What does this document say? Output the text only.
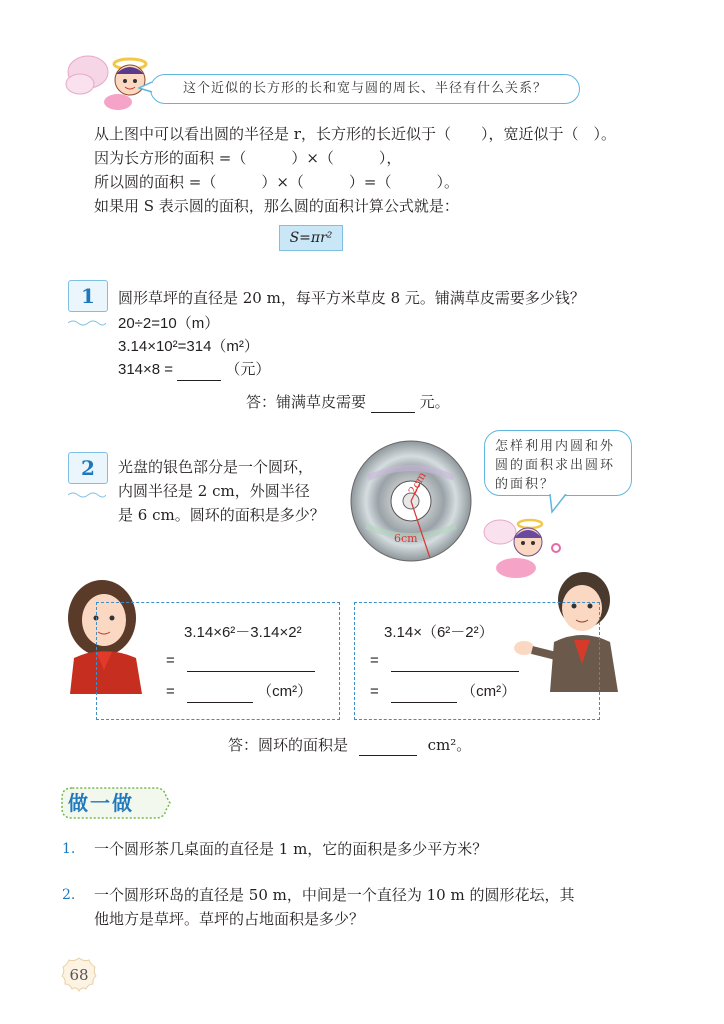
这个近似的长方形的长和宽与圆的周长、半径有什么关系？
从上图中可以看出圆的半径是 r，长方形的长近似于（　　），宽近似于（　）。
因为长方形的面积 =（　　　）×（　　　），
所以圆的面积 =（　　　）×（　　　）=（　　　）。
如果用 S 表示圆的面积，那么圆的面积计算公式就是：
S=πr²
1	圆形草坪的直径是 20 m，每平方米草皮 8 元。铺满草皮需要多少钱？
20÷2=10（m）
3.14×10²=314（m²）
314×8 =	（元）
答：铺满草皮需要	元。
2	光盘的银色部分是一个圆环，
内圆半径是 2 cm，外圆半径
是 6 cm。圆环的面积是多少？
2cm
6cm
怎样利用内圆和外圆的面积求出圆环的面积？
3.14×6²－3.14×2²
=
=	（cm²）
3.14×（6²－2²）
=
=	（cm²）
答：圆环的面积是	cm²。
做一做
1. 一个圆形茶几桌面的直径是 1 m，它的面积是多少平方米？
2. 一个圆形环岛的直径是 50 m，中间是一个直径为 10 m 的圆形花坛，其
他地方是草坪。草坪的占地面积是多少？
68
